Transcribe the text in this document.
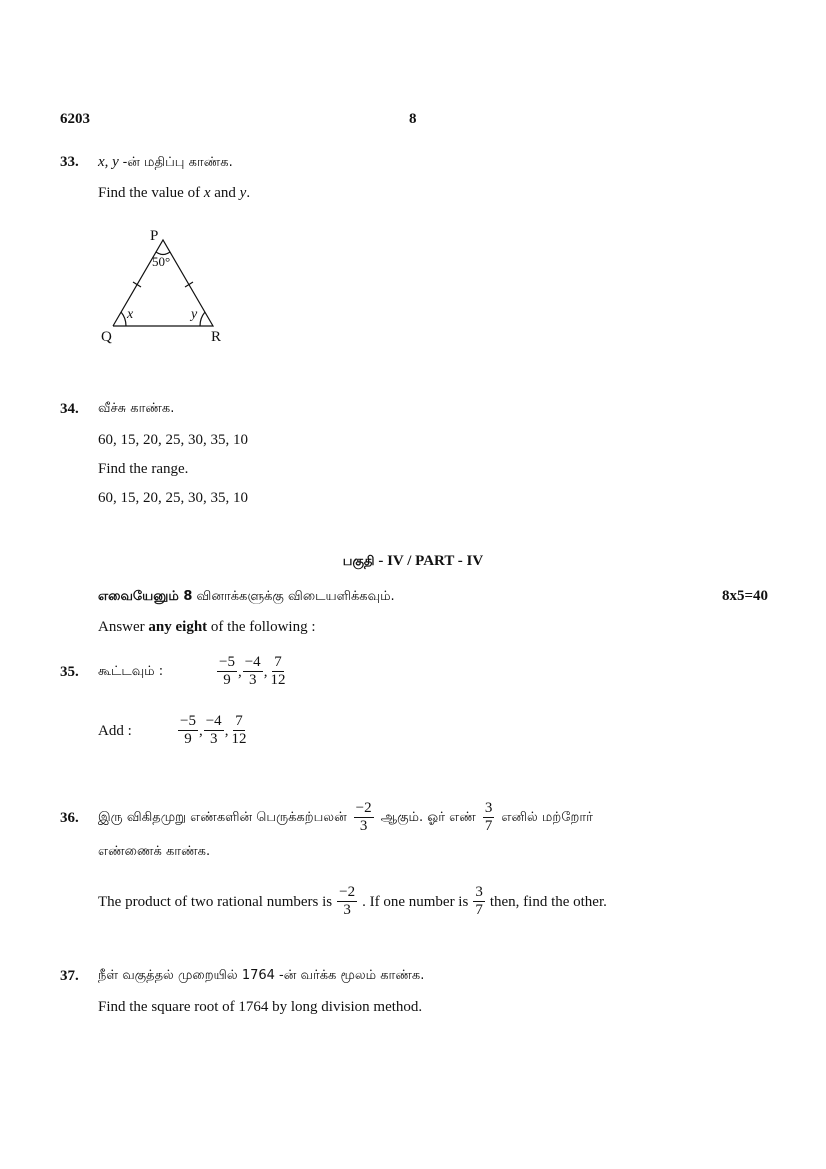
6203	8
33. x, y -ன் மதிப்பு காண்க.
Find the value of x and y.
P
Q	R
50°
x	y
34. வீச்சு காண்க.
60, 15, 20, 25, 30, 35, 10
Find the range.
60, 15, 20, 25, 30, 35, 10
பகுதி - IV / PART - IV
எவையேனும் 8 வினாக்களுக்கு விடையளிக்கவும்.	8x5=40
Answer any eight of the following :
35. கூட்டவும் :	$\frac{-5}{9}$ , $\frac{-4}{3}$ , $\frac{7}{12}$
Add :	$\frac{-5}{9}$ , $\frac{-4}{3}$ , $\frac{7}{12}$
36. இரு விகிதமுறு எண்களின் பெருக்கற்பலன் $\frac{-2}{3}$ ஆகும். ஓர் எண் $\frac{3}{7}$ எனில் மற்றோர்
எண்ணைக் காண்க.
The product of two rational numbers is $\frac{-2}{3}$ . If one number is $\frac{3}{7}$ then, find the other.
37. நீள் வகுத்தல் முறையில் 1764 -ன் வர்க்க மூலம் காண்க.
Find the square root of 1764 by long division method.
